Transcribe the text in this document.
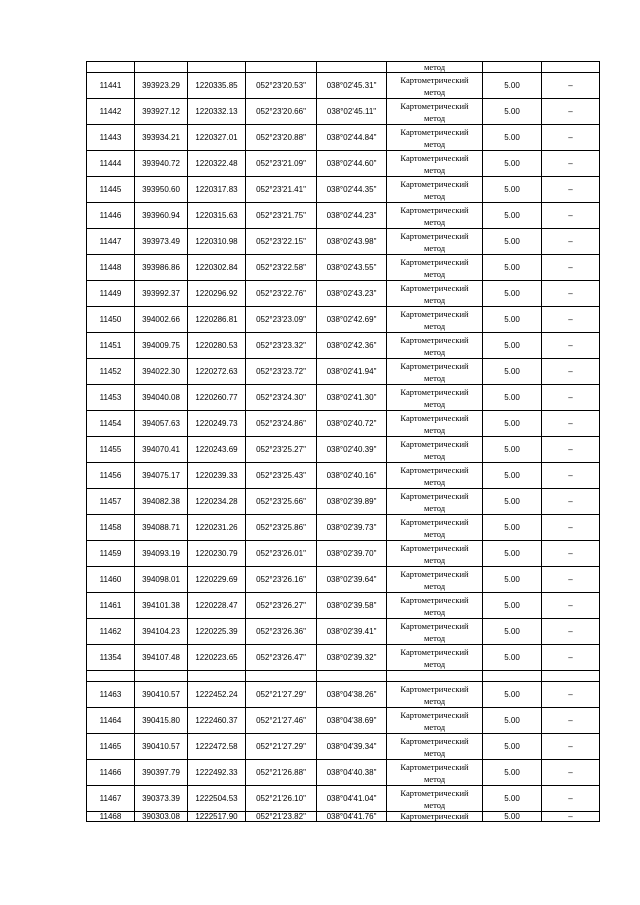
					метод		

11441	393923.29	1220335.85	052°23'20.53"	038°02'45.31"	Картометрический
метод	5.00	–
11442	393927.12	1220332.13	052°23'20.66"	038°02'45.11"	Картометрический
метод	5.00	–
11443	393934.21	1220327.01	052°23'20.88"	038°02'44.84"	Картометрический
метод	5.00	–
11444	393940.72	1220322.48	052°23'21.09"	038°02'44.60"	Картометрический
метод	5.00	–
11445	393950.60	1220317.83	052°23'21.41"	038°02'44.35"	Картометрический
метод	5.00	–
11446	393960.94	1220315.63	052°23'21.75"	038°02'44.23"	Картометрический
метод	5.00	–
11447	393973.49	1220310.98	052°23'22.15"	038°02'43.98"	Картометрический
метод	5.00	–
11448	393986.86	1220302.84	052°23'22.58"	038°02'43.55"	Картометрический
метод	5.00	–
11449	393992.37	1220296.92	052°23'22.76"	038°02'43.23"	Картометрический
метод	5.00	–
11450	394002.66	1220286.81	052°23'23.09"	038°02'42.69"	Картометрический
метод	5.00	–
11451	394009.75	1220280.53	052°23'23.32"	038°02'42.36"	Картометрический
метод	5.00	–
11452	394022.30	1220272.63	052°23'23.72"	038°02'41.94"	Картометрический
метод	5.00	–
11453	394040.08	1220260.77	052°23'24.30"	038°02'41.30"	Картометрический
метод	5.00	–
11454	394057.63	1220249.73	052°23'24.86"	038°02'40.72"	Картометрический
метод	5.00	–
11455	394070.41	1220243.69	052°23'25.27"	038°02'40.39"	Картометрический
метод	5.00	–
11456	394075.17	1220239.33	052°23'25.43"	038°02'40.16"	Картометрический
метод	5.00	–
11457	394082.38	1220234.28	052°23'25.66"	038°02'39.89"	Картометрический
метод	5.00	–
11458	394088.71	1220231.26	052°23'25.86"	038°02'39.73"	Картометрический
метод	5.00	–
11459	394093.19	1220230.79	052°23'26.01"	038°02'39.70"	Картометрический
метод	5.00	–
11460	394098.01	1220229.69	052°23'26.16"	038°02'39.64"	Картометрический
метод	5.00	–
11461	394101.38	1220228.47	052°23'26.27"	038°02'39.58"	Картометрический
метод	5.00	–
11462	394104.23	1220225.39	052°23'26.36"	038°02'39.41"	Картометрический
метод	5.00	–
11354	394107.48	1220223.65	052°23'26.47"	038°02'39.32"	Картометрический
метод	5.00	–

11463	390410.57	1222452.24	052°21'27.29"	038°04'38.26"	Картометрический
метод	5.00	–
11464	390415.80	1222460.37	052°21'27.46"	038°04'38.69"	Картометрический
метод	5.00	–
11465	390410.57	1222472.58	052°21'27.29"	038°04'39.34"	Картометрический
метод	5.00	–
11466	390397.79	1222492.33	052°21'26.88"	038°04'40.38"	Картометрический
метод	5.00	–
11467	390373.39	1222504.53	052°21'26.10"	038°04'41.04"	Картометрический
метод	5.00	–
11468	390303.08	1222517.90	052°21'23.82"	038°04'41.76"	Картометрический	5.00	–
